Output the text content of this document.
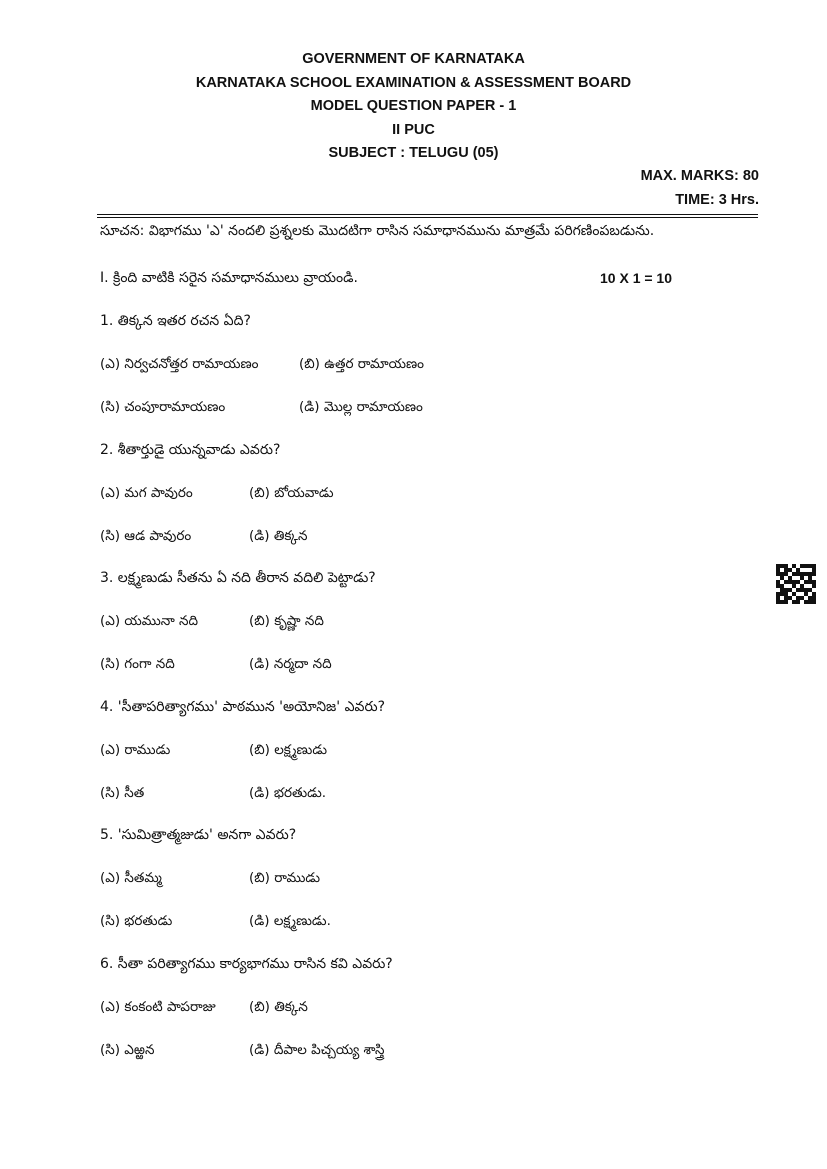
GOVERNMENT OF KARNATAKA
KARNATAKA SCHOOL EXAMINATION & ASSESSMENT BOARD
MODEL QUESTION PAPER - 1
II PUC
SUBJECT : TELUGU (05)
MAX. MARKS: 80
TIME: 3 Hrs.
సూచన: విభాగము 'ఎ' నందలి ప్రశ్నలకు మొదటిగా రాసిన సమాధానమును మాత్రమే పరిగణింపబడును.
I. క్రింది వాటికి సరైన సమాధానములు వ్రాయండి.	10 X 1 = 10
1. తిక్కన ఇతర రచన ఏది?
(ఎ) నిర్వచనోత్తర రామాయణం	(బి) ఉత్తర రామాయణం
(సి) చంపూరామాయణం	(డి) మొల్ల రామాయణం
2. శీతార్తుడై యున్నవాడు ఎవరు?
(ఎ) మగ పావురం	(బి) బోయవాడు
(సి) ఆడ పావురం	(డి) తిక్కన
3. లక్ష్మణుడు సీతను ఏ నది తీరాన వదిలి పెట్టాడు?
(ఎ) యమునా నది	(బి) కృష్ణా నది
(సి) గంగా నది	(డి) నర్మదా నది
4. 'సీతాపరిత్యాగము' పాఠమున 'అయోనిజ' ఎవరు?
(ఎ) రాముడు	(బి) లక్ష్మణుడు
(సి) సీత	(డి) భరతుడు.
5. 'సుమిత్రాత్మజుడు' అనగా ఎవరు?
(ఎ) సీతమ్మ	(బి) రాముడు
(సి) భరతుడు	(డి) లక్ష్మణుడు.
6. సీతా పరిత్యాగము కార్యభాగము రాసిన కవి ఎవరు?
(ఎ) కంకంటి పాపరాజు (బి) తిక్కన
(సి) ఎఱ్ఱన	(డి) దీపాల పిచ్చయ్య శాస్త్రి
